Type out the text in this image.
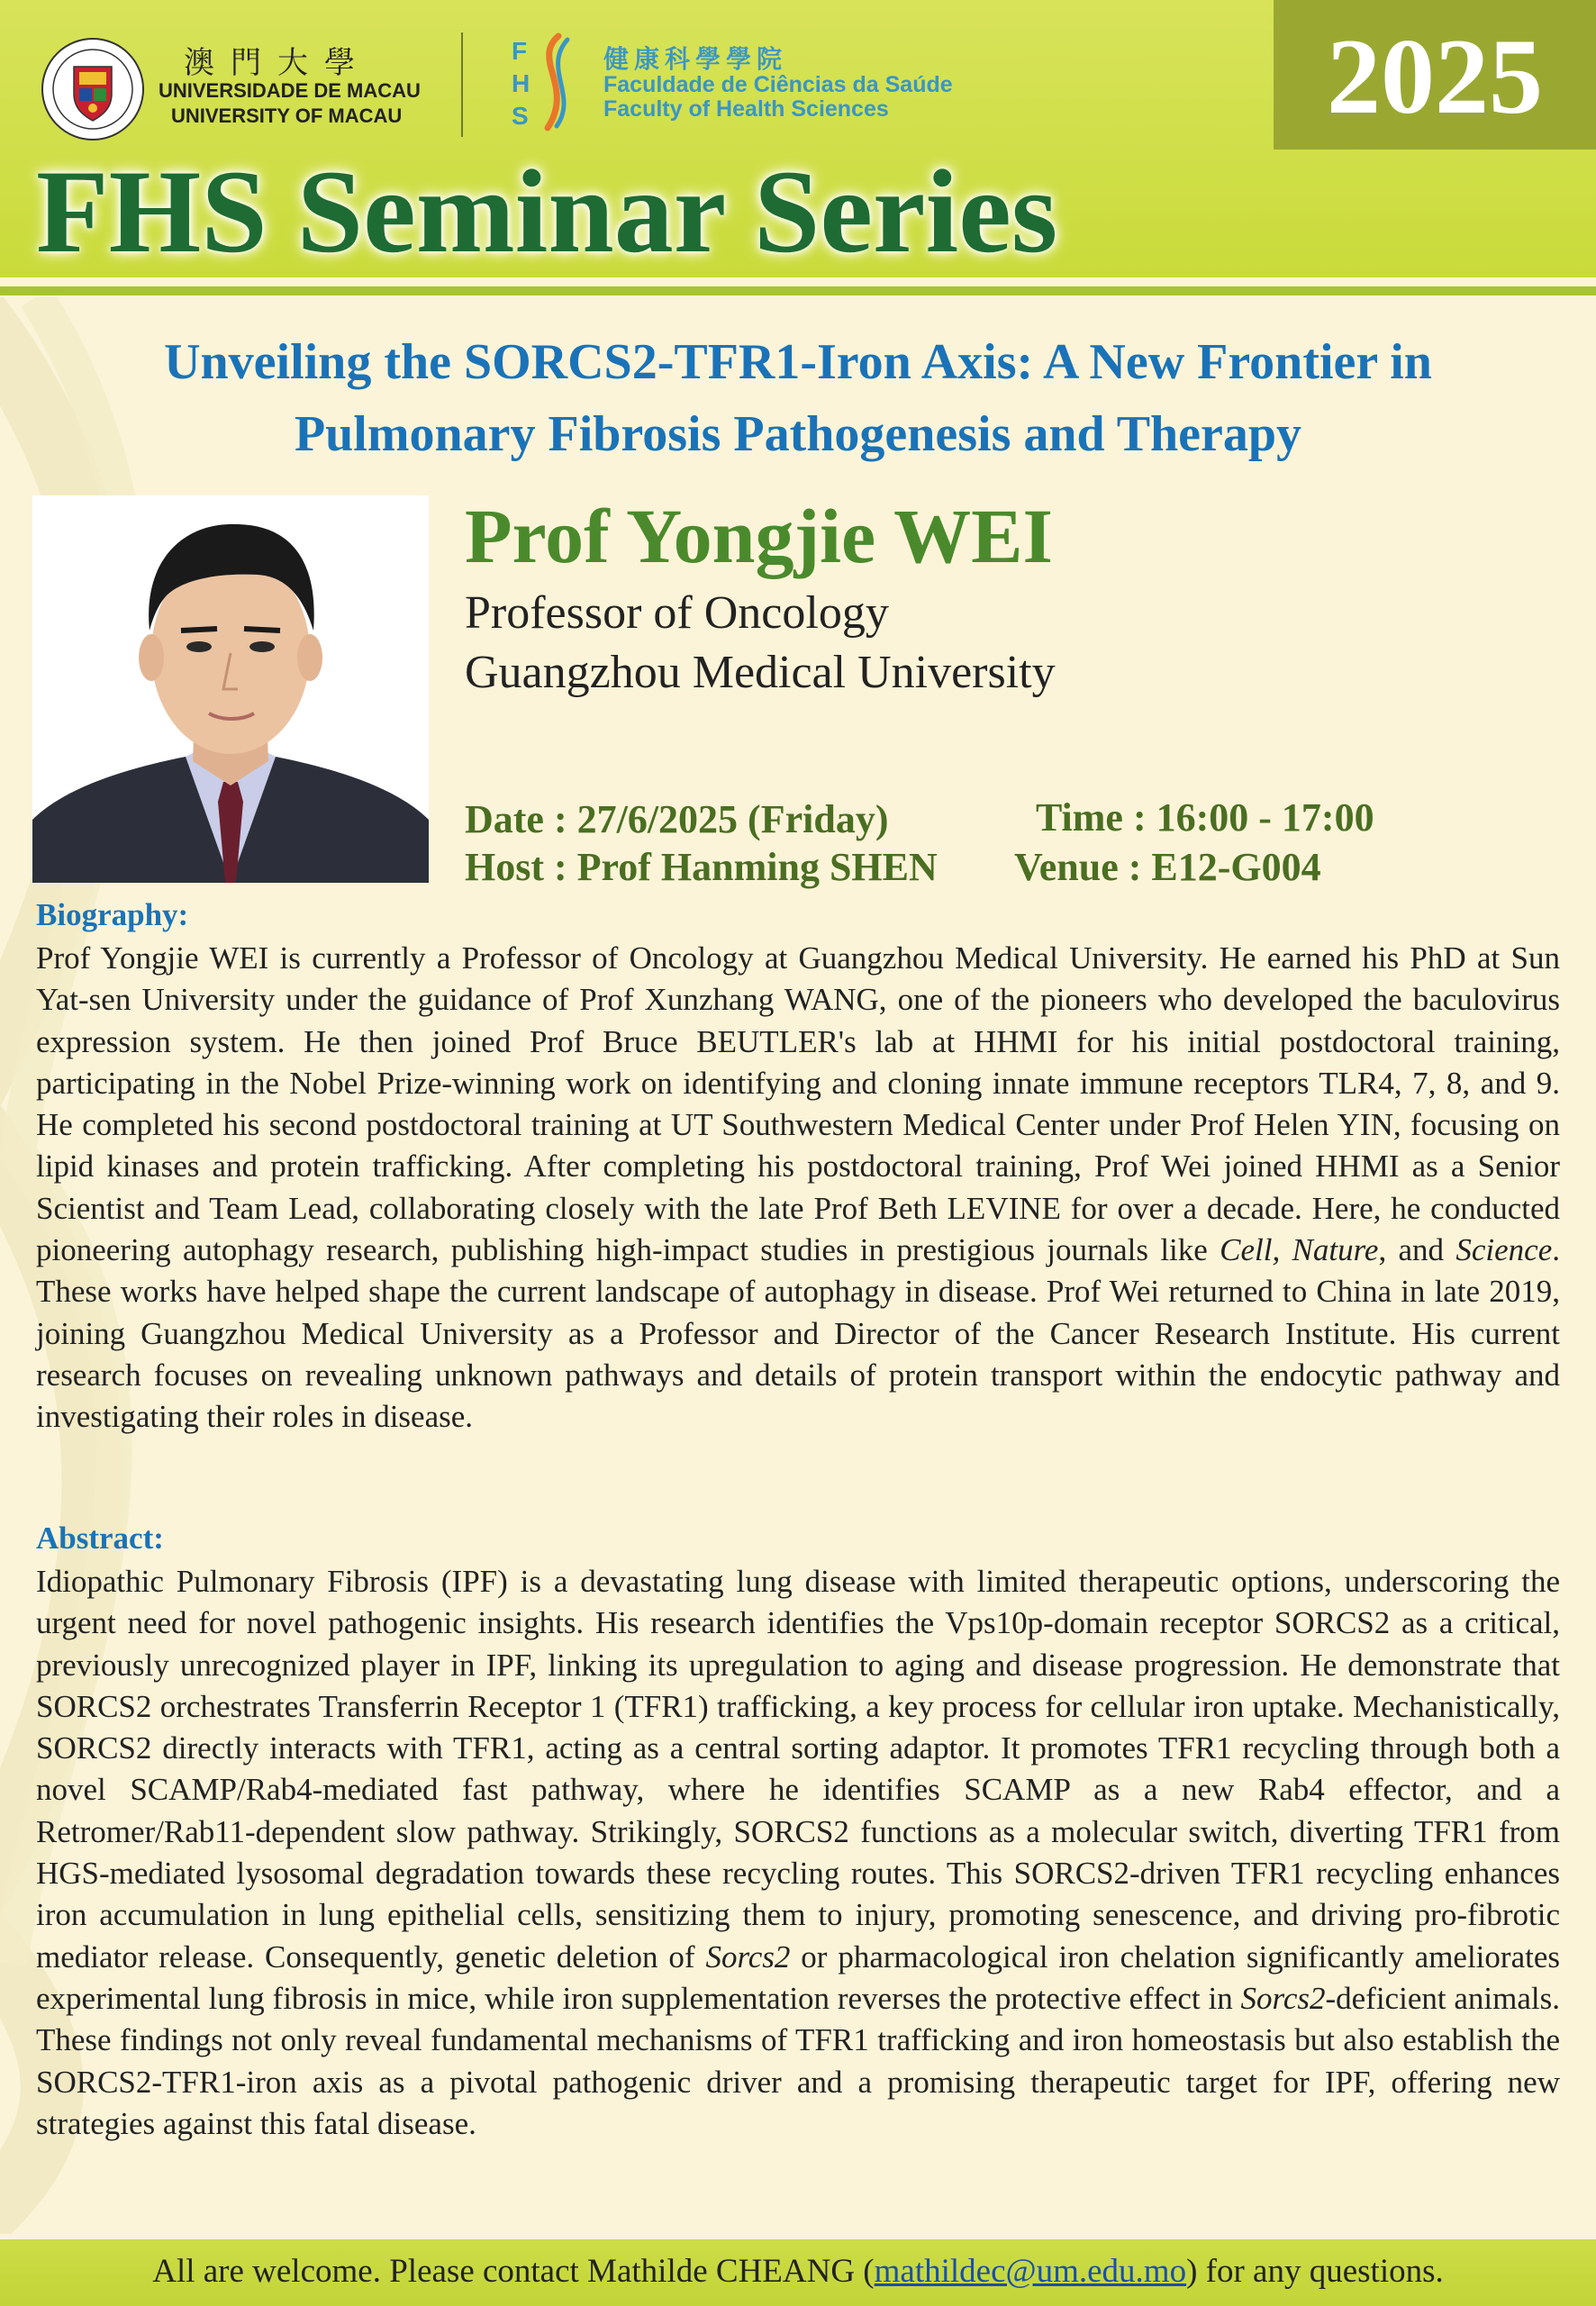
澳門大學
UNIVERSIDADE DE MACAU
UNIVERSITY OF MACAU
F
H
S
健康科學學院
Faculdade de Ciências da Saúde
Faculty of Health Sciences	2025
FHS Seminar Series
Unveiling the SORCS2-TFR1-Iron Axis: A New Frontier in
Pulmonary Fibrosis Pathogenesis and Therapy
Prof Yongjie WEI
Professor of Oncology
Guangzhou Medical University
Date : 27/6/2025 (Friday)	Time : 16:00 - 17:00
Host : Prof Hanming SHEN Venue : E12-G004
Biography:
Prof Yongjie WEI is currently a Professor of Oncology at Guangzhou Medical University. He earned his PhD at Sun Yat-sen University under the guidance of Prof Xunzhang WANG, one of the pioneers who developed the baculovirus expression system. He then joined Prof Bruce BEUTLER's lab at HHMI for his initial postdoctoral training, participating in the Nobel Prize-winning work on identifying and cloning innate immune receptors TLR4, 7, 8, and 9. He completed his second postdoctoral training at UT Southwestern Medical Center under Prof Helen YIN, focusing on lipid kinases and protein trafficking. After completing his postdoctoral training, Prof Wei joined HHMI as a Senior Scientist and Team Lead, collaborating closely with the late Prof Beth LEVINE for over a decade. Here, he conducted pioneering autophagy research, publishing high-impact studies in prestigious journals like Cell, Nature, and Science. These works have helped shape the current landscape of autophagy in disease. Prof Wei returned to China in late 2019, joining Guangzhou Medical University as a Professor and Director of the Cancer Research Institute. His current research focuses on revealing unknown pathways and details of protein transport within the endocytic pathway and investigating their roles in disease.
Abstract:
Idiopathic Pulmonary Fibrosis (IPF) is a devastating lung disease with limited therapeutic options, underscoring the urgent need for novel pathogenic insights. His research identifies the Vps10p-domain receptor SORCS2 as a critical, previously unrecognized player in IPF, linking its upregulation to aging and disease progression. He demonstrate that SORCS2 orchestrates Transferrin Receptor 1 (TFR1) trafficking, a key process for cellular iron uptake. Mechanistically, SORCS2 directly interacts with TFR1, acting as a central sorting adaptor. It promotes TFR1 recycling through both a novel SCAMP/Rab4-mediated fast pathway, where he identifies SCAMP as a new Rab4 effector, and a Retromer/Rab11-dependent slow pathway. Strikingly, SORCS2 functions as a molecular switch, diverting TFR1 from HGS-mediated lysosomal degradation towards these recycling routes. This SORCS2-driven TFR1 recycling enhances iron accumulation in lung epithelial cells, sensitizing them to injury, promoting senescence, and driving pro-fibrotic mediator release. Consequently, genetic deletion of Sorcs2 or pharmacological iron chelation significantly ameliorates experimental lung fibrosis in mice, while iron supplementation reverses the protective effect in Sorcs2-deficient animals. These findings not only reveal fundamental mechanisms of TFR1 trafficking and iron homeostasis but also establish the SORCS2-TFR1-iron axis as a pivotal pathogenic driver and a promising therapeutic target for IPF, offering new strategies against this fatal disease.
All are welcome. Please contact Mathilde CHEANG (mathildec@um.edu.mo) for any questions.
